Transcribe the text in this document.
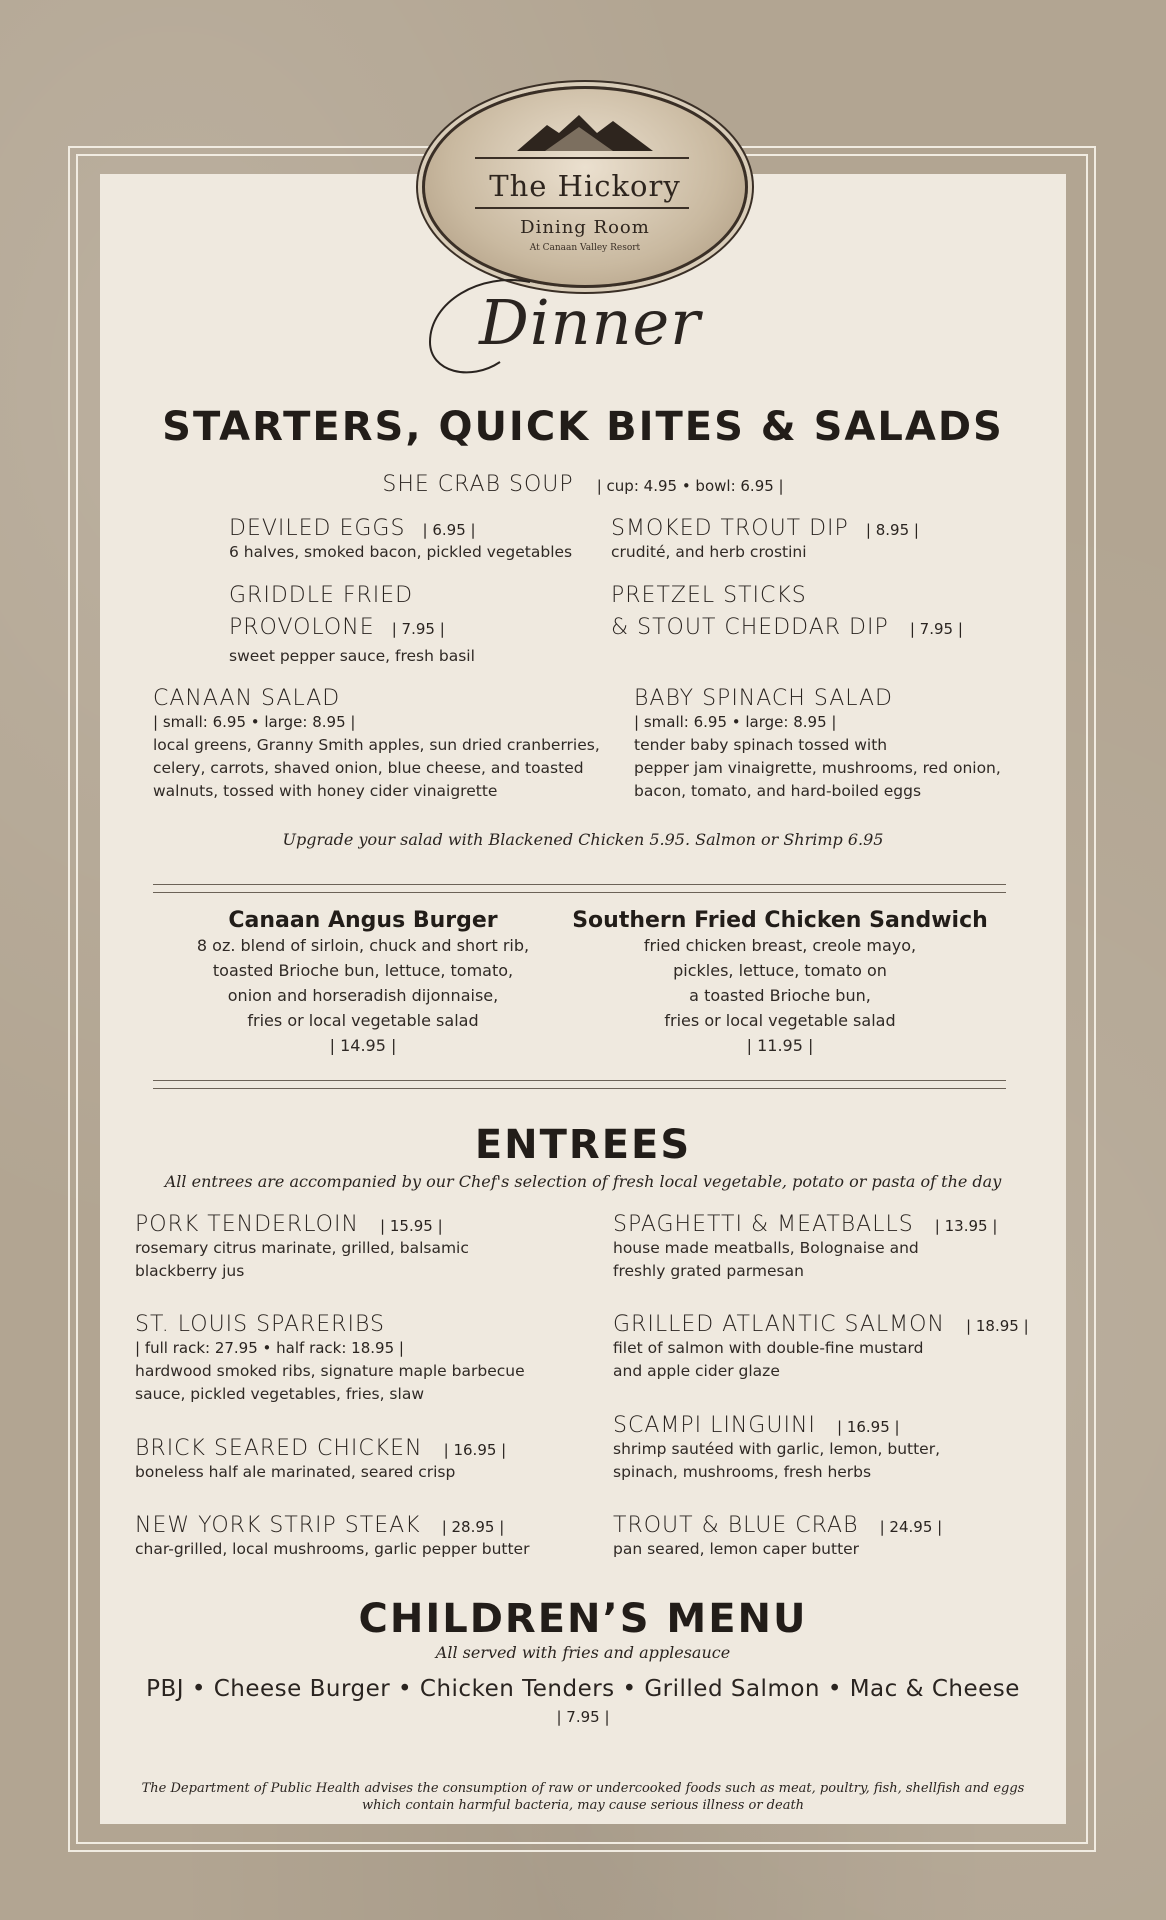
The Hickory
Dining Room
At Canaan Valley Resort
Dinner
STARTERS, QUICK BITES & SALADS
SHE CRAB SOUP | cup: 4.95 • bowl: 6.95 |
DEVILED EGGS | 6.95 |
6 halves, smoked bacon, pickled vegetables
SMOKED TROUT DIP | 8.95 |
crudité, and herb crostini
GRIDDLE FRIED
PROVOLONE | 7.95 |
sweet pepper sauce, fresh basil
PRETZEL STICKS
& STOUT CHEDDAR DIP | 7.95 |
CANAAN SALAD
| small: 6.95 • large: 8.95 |
local greens, Granny Smith apples, sun dried cranberries,
celery, carrots, shaved onion, blue cheese, and toasted
walnuts, tossed with honey cider vinaigrette
BABY SPINACH SALAD
| small: 6.95 • large: 8.95 |
tender baby spinach tossed with
pepper jam vinaigrette, mushrooms, red onion,
bacon, tomato, and hard-boiled eggs
Upgrade your salad with Blackened Chicken 5.95. Salmon or Shrimp 6.95
Canaan Angus Burger
8 oz. blend of sirloin, chuck and short rib,
toasted Brioche bun, lettuce, tomato,
onion and horseradish dijonnaise,
fries or local vegetable salad
| 14.95 |
Southern Fried Chicken Sandwich
fried chicken breast, creole mayo,
pickles, lettuce, tomato on
a toasted Brioche bun,
fries or local vegetable salad
| 11.95 |
ENTREES
All entrees are accompanied by our Chef's selection of fresh local vegetable, potato or pasta of the day
PORK TENDERLOIN | 15.95 |
rosemary citrus marinate, grilled, balsamic
blackberry jus
ST. LOUIS SPARERIBS
| full rack: 27.95 • half rack: 18.95 |
hardwood smoked ribs, signature maple barbecue
sauce, pickled vegetables, fries, slaw
BRICK SEARED CHICKEN | 16.95 |
boneless half ale marinated, seared crisp
NEW YORK STRIP STEAK | 28.95 |
char-grilled, local mushrooms, garlic pepper butter
SPAGHETTI & MEATBALLS | 13.95 |
house made meatballs, Bolognaise and
freshly grated parmesan
GRILLED ATLANTIC SALMON | 18.95 |
filet of salmon with double-fine mustard
and apple cider glaze
SCAMPI LINGUINI | 16.95 |
shrimp sautéed with garlic, lemon, butter,
spinach, mushrooms, fresh herbs
TROUT & BLUE CRAB | 24.95 |
pan seared, lemon caper butter
CHILDREN’S MENU
All served with fries and applesauce
PBJ • Cheese Burger • Chicken Tenders • Grilled Salmon • Mac & Cheese
| 7.95 |
The Department of Public Health advises the consumption of raw or undercooked foods such as meat, poultry, fish, shellfish and eggs
which contain harmful bacteria, may cause serious illness or death
